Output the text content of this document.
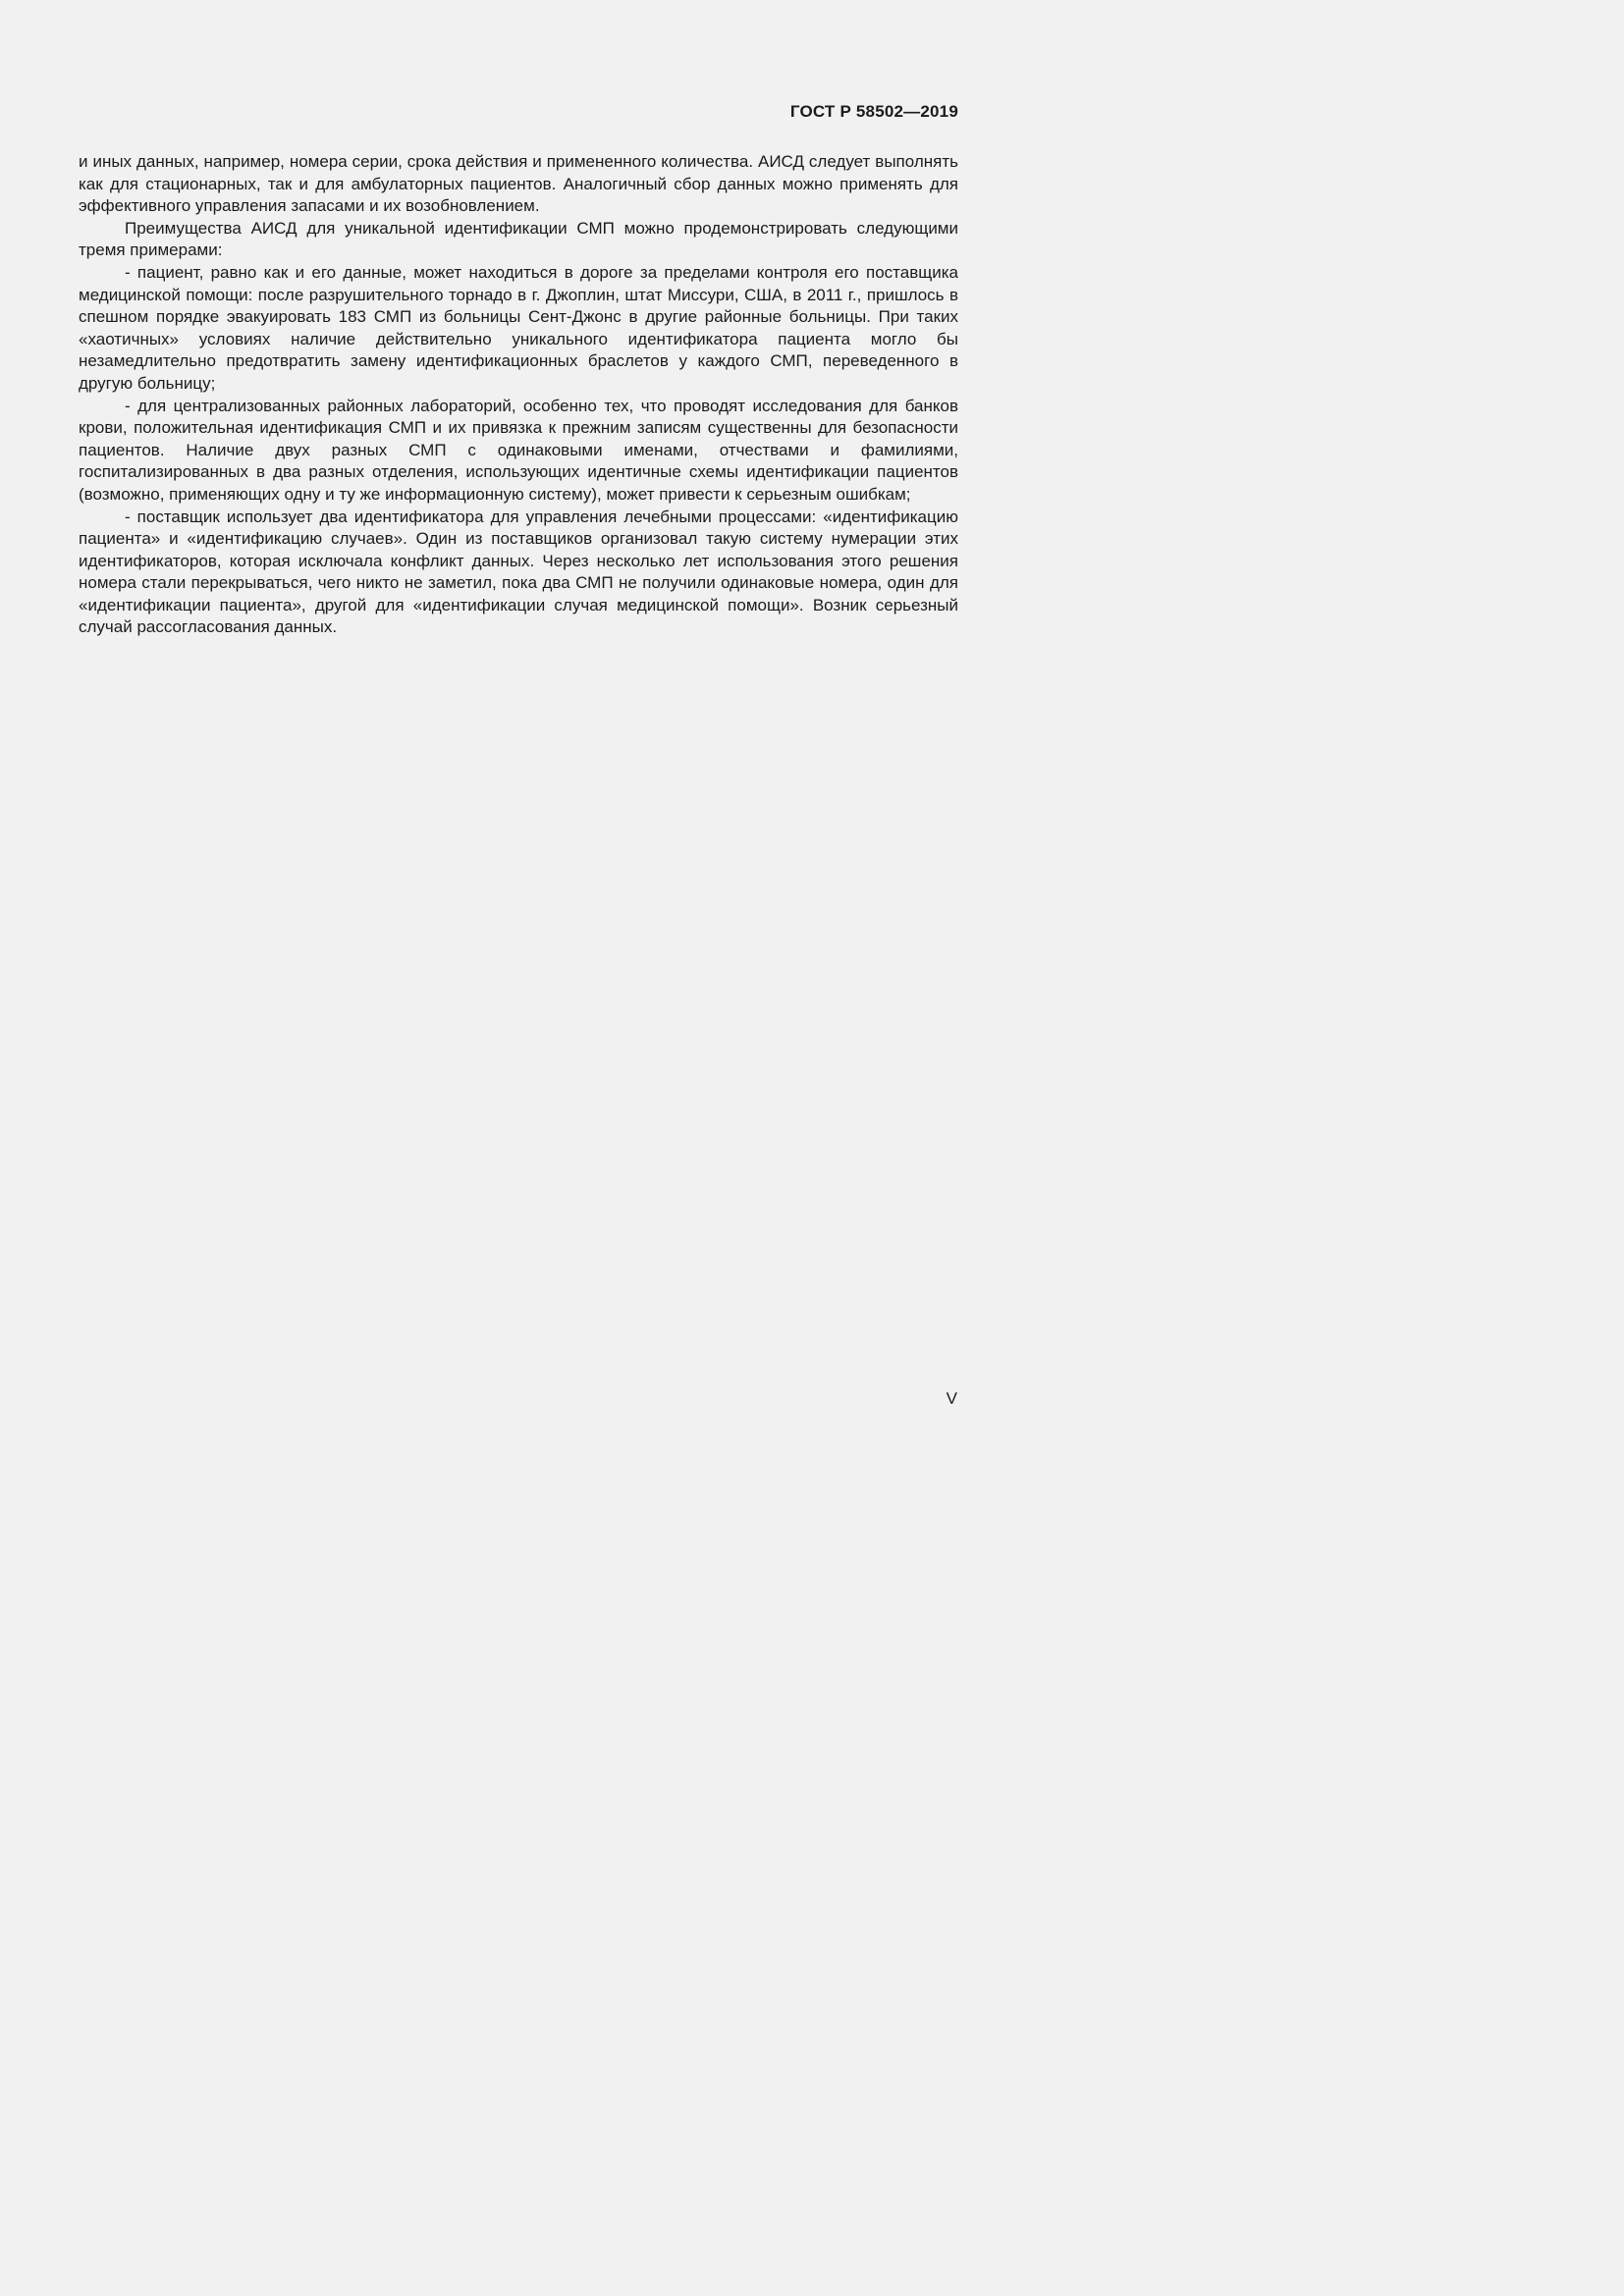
ГОСТ Р 58502—2019

и иных данных, например, номера серии, срока действия и примененного количества. АИСД следует выполнять как для стационарных, так и для амбулаторных пациентов. Аналогичный сбор данных можно применять для эффективного управления запасами и их возобновлением.

Преимущества АИСД для уникальной идентификации СМП можно продемонстрировать следующими тремя примерами:

- пациент, равно как и его данные, может находиться в дороге за пределами контроля его поставщика медицинской помощи: после разрушительного торнадо в г. Джоплин, штат Миссури, США, в 2011 г., пришлось в спешном порядке эвакуировать 183 СМП из больницы Сент-Джонс в другие районные больницы. При таких «хаотичных» условиях наличие действительно уникального идентификатора пациента могло бы незамедлительно предотвратить замену идентификационных браслетов у каждого СМП, переведенного в другую больницу;

- для централизованных районных лабораторий, особенно тех, что проводят исследования для банков крови, положительная идентификация СМП и их привязка к прежним записям существенны для безопасности пациентов. Наличие двух разных СМП с одинаковыми именами, отчествами и фамилиями, госпитализированных в два разных отделения, использующих идентичные схемы идентификации пациентов (возможно, применяющих одну и ту же информационную систему), может привести к серьезным ошибкам;

- поставщик использует два идентификатора для управления лечебными процессами: «идентификацию пациента» и «идентификацию случаев». Один из поставщиков организовал такую систему нумерации этих идентификаторов, которая исключала конфликт данных. Через несколько лет использования этого решения номера стали перекрываться, чего никто не заметил, пока два СМП не получили одинаковые номера, один для «идентификации пациента», другой для «идентификации случая медицинской помощи». Возник серьезный случай рассогласования данных.

V
